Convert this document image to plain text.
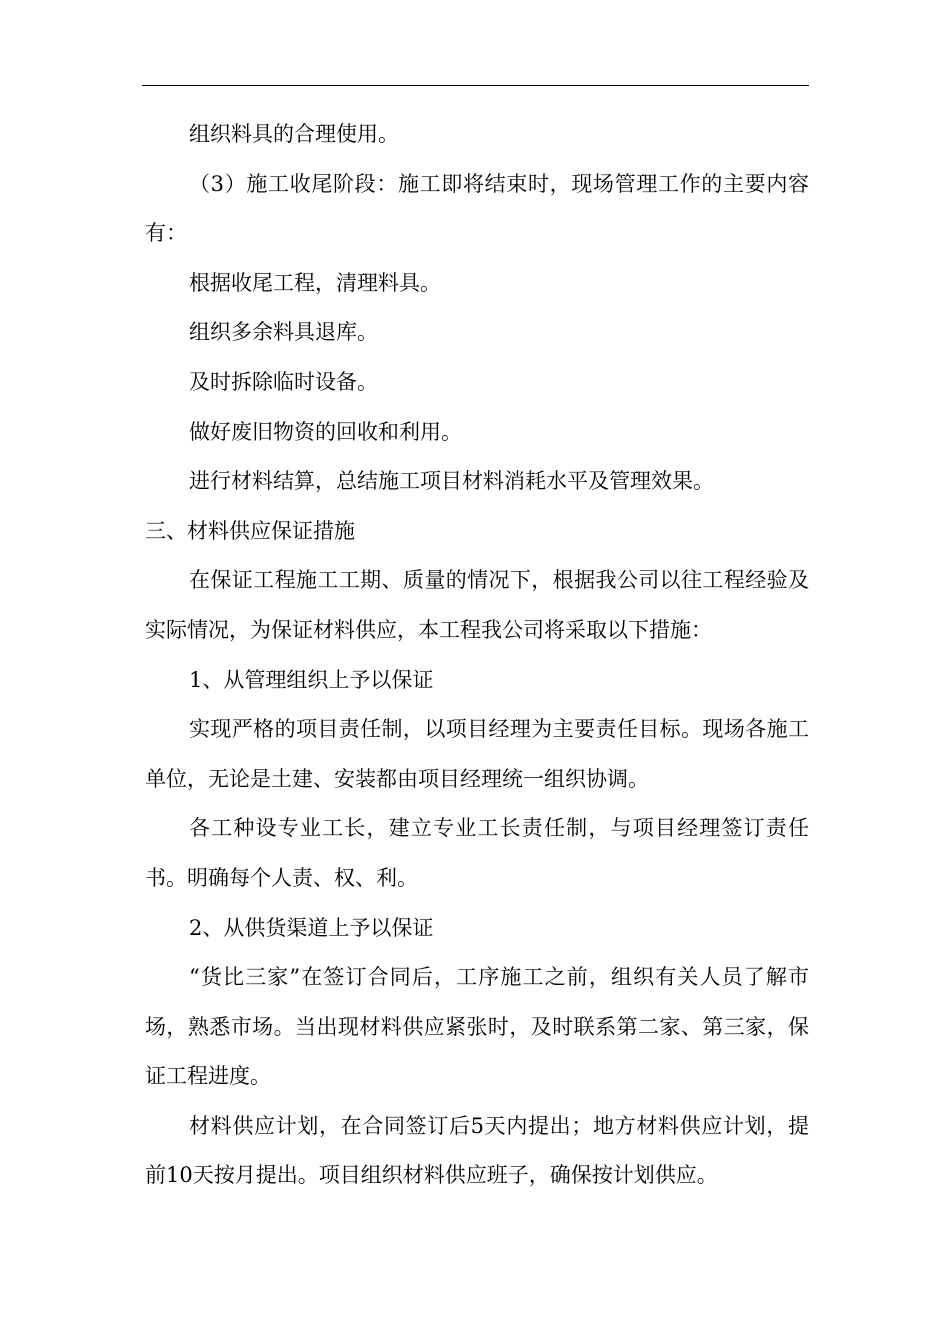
组织料具的合理使用。

（3）施工收尾阶段：施工即将结束时，现场管理工作的主要内容有：

根据收尾工程，清理料具。

组织多余料具退库。

及时拆除临时设备。

做好废旧物资的回收和利用。

进行材料结算，总结施工项目材料消耗水平及管理效果。

三、材料供应保证措施

在保证工程施工工期、质量的情况下，根据我公司以往工程经验及实际情况，为保证材料供应，本工程我公司将采取以下措施：

1、从管理组织上予以保证

实现严格的项目责任制，以项目经理为主要责任目标。现场各施工单位，无论是土建、安装都由项目经理统一组织协调。

各工种设专业工长，建立专业工长责任制，与项目经理签订责任书。明确每个人责、权、利。

2、从供货渠道上予以保证

“货比三家”在签订合同后，工序施工之前，组织有关人员了解市场，熟悉市场。当出现材料供应紧张时，及时联系第二家、第三家，保证工程进度。

材料供应计划，在合同签订后5天内提出；地方材料供应计划，提前10天按月提出。项目组织材料供应班子，确保按计划供应。
